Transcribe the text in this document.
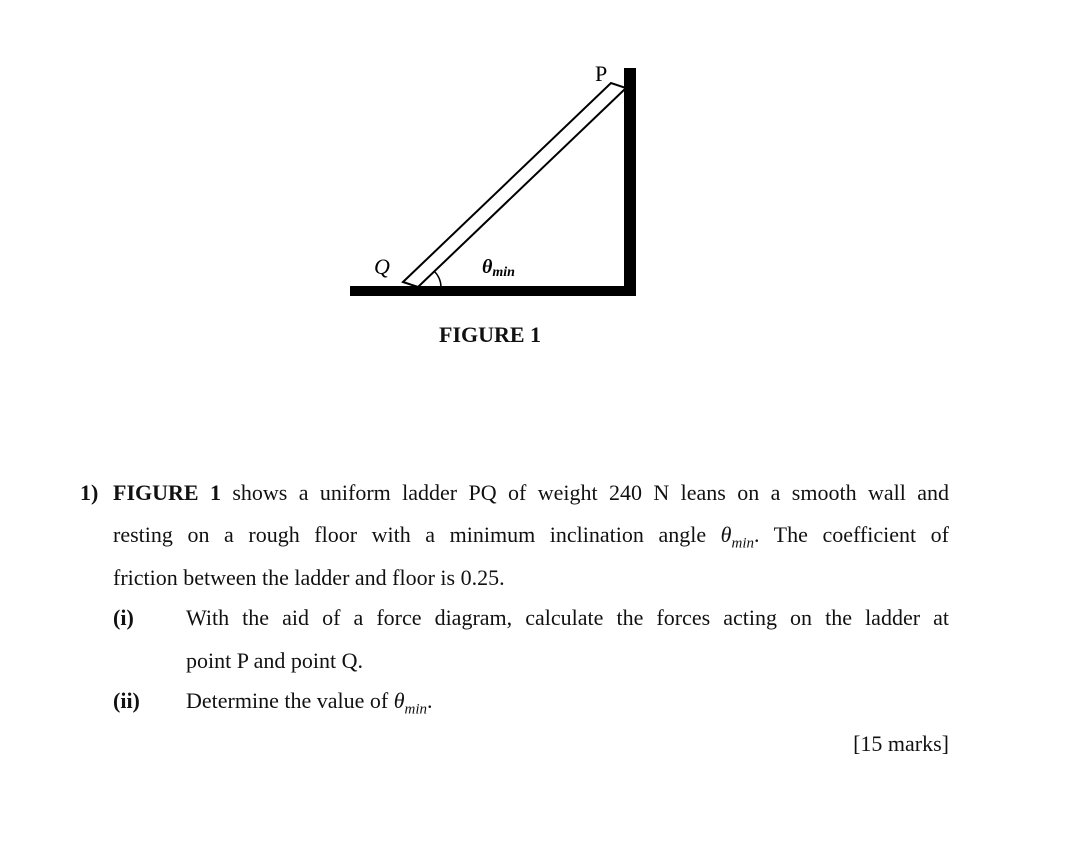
P
Q	θmin
FIGURE 1
1) FIGURE 1 shows a uniform ladder PQ of weight 240 N leans on a smooth wall and
resting on a rough floor with a minimum inclination angle $\theta_{min}$. The coefficient of
friction between the ladder and floor is 0.25.
(i) With the aid of a force diagram, calculate the forces acting on the ladder at
point P and point Q.
(ii) Determine the value of $\theta_{min}$.
[15 marks]
